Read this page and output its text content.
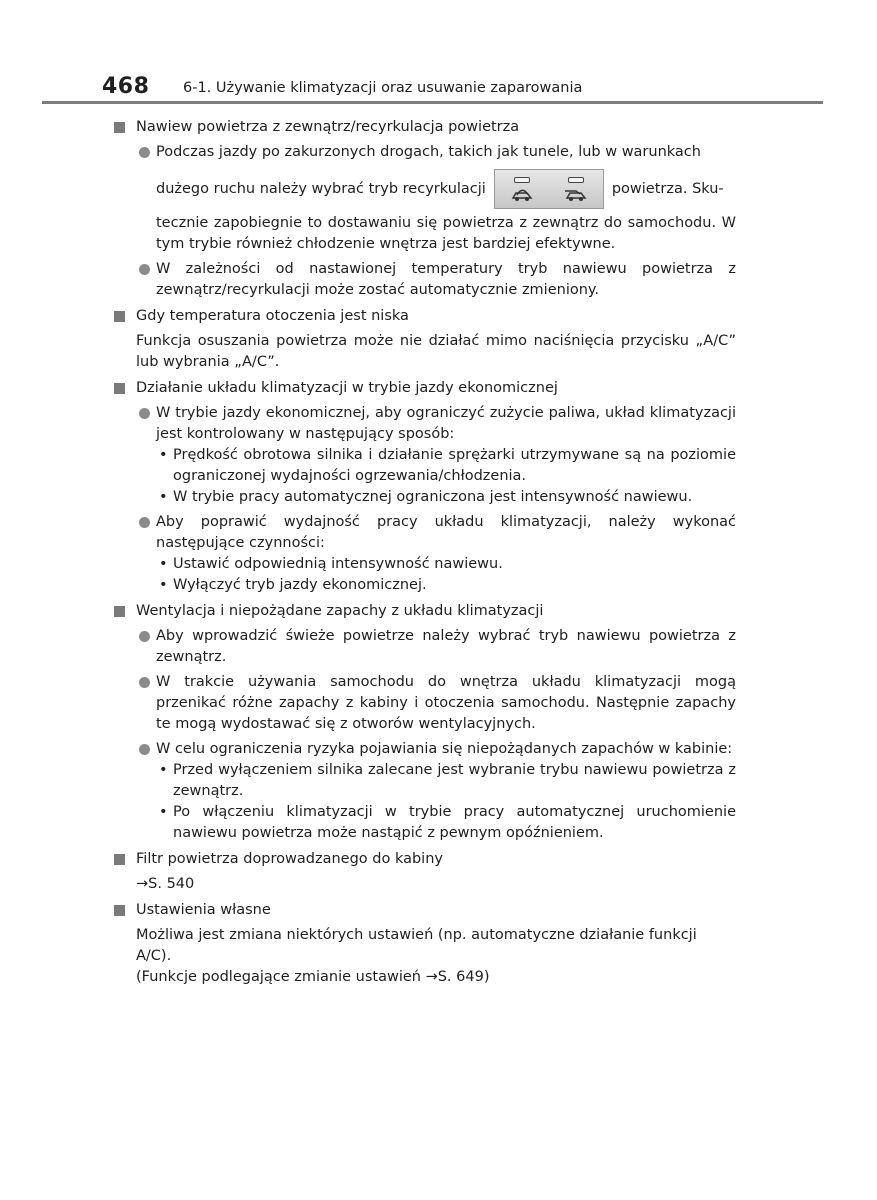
468 6-1. Używanie klimatyzacji oraz usuwanie zaparowania
Nawiew powietrza z zewnątrz/recyrkulacja powietrza
Podczas jazdy po zakurzonych drogach, takich jak tunele, lub w warunkach
dużego ruchu należy wybrać tryb recyrkulacji	powietrza. Sku-
tecznie zapobiegnie to dostawaniu się powietrza z zewnątrz do samochodu. W tym trybie również chłodzenie wnętrza jest bardziej efektywne.
W zależności od nastawionej temperatury tryb nawiewu powietrza z zewnątrz/recyrkulacji może zostać automatycznie zmieniony.
Gdy temperatura otoczenia jest niska
Funkcja osuszania powietrza może nie działać mimo naciśnięcia przycisku „A/C” lub wybrania „A/C”.
Działanie układu klimatyzacji w trybie jazdy ekonomicznej
W trybie jazdy ekonomicznej, aby ograniczyć zużycie paliwa, układ klimatyzacji jest kontrolowany w następujący sposób:
• Prędkość obrotowa silnika i działanie sprężarki utrzymywane są na poziomie ograniczonej wydajności ogrzewania/chłodzenia.
• W trybie pracy automatycznej ograniczona jest intensywność nawiewu.
Aby poprawić wydajność pracy układu klimatyzacji, należy wykonać następujące czynności:
• Ustawić odpowiednią intensywność nawiewu.
• Wyłączyć tryb jazdy ekonomicznej.
Wentylacja i niepożądane zapachy z układu klimatyzacji
Aby wprowadzić świeże powietrze należy wybrać tryb nawiewu powietrza z zewnątrz.
W trakcie używania samochodu do wnętrza układu klimatyzacji mogą przenikać różne zapachy z kabiny i otoczenia samochodu. Następnie zapachy te mogą wydostawać się z otworów wentylacyjnych.
W celu ograniczenia ryzyka pojawiania się niepożądanych zapachów w kabinie:
• Przed wyłączeniem silnika zalecane jest wybranie trybu nawiewu powietrza z zewnątrz.
• Po włączeniu klimatyzacji w trybie pracy automatycznej uruchomienie nawiewu powietrza może nastąpić z pewnym opóźnieniem.
Filtr powietrza doprowadzanego do kabiny
→S. 540
Ustawienia własne
Możliwa jest zmiana niektórych ustawień (np. automatyczne działanie funkcji A/C).
(Funkcje podlegające zmianie ustawień →S. 649)
